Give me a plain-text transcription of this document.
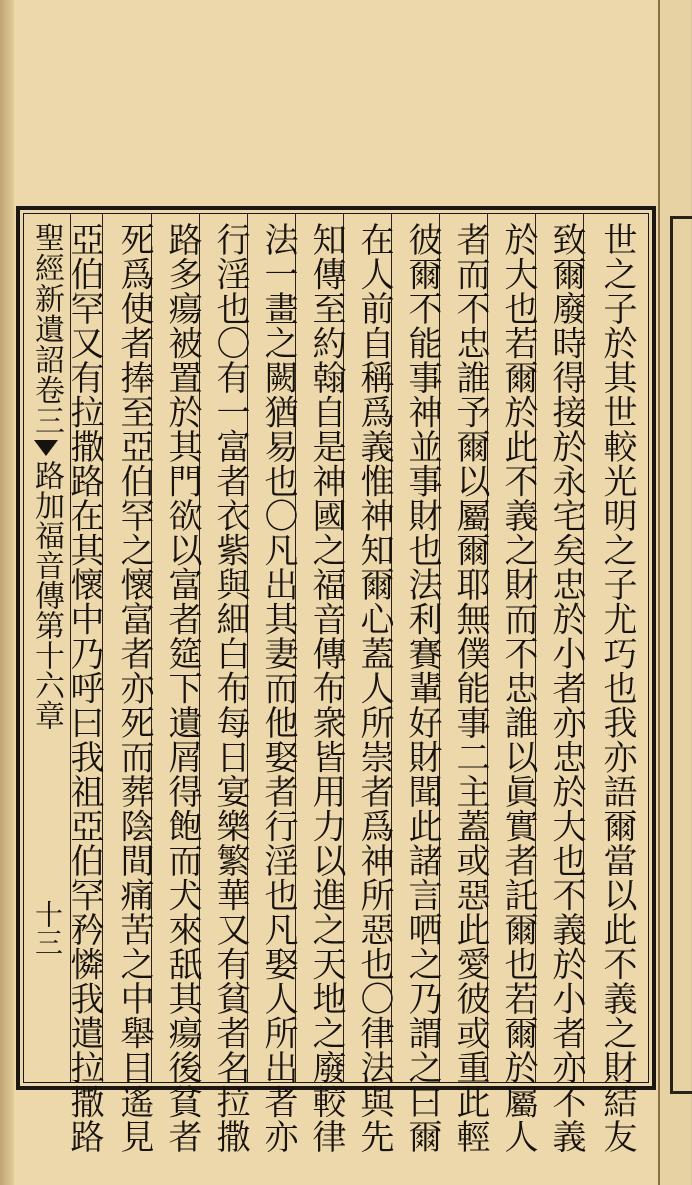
聖經新遺詔卷三
路加福音傳第十六章
十三	世之子於其世較光明之子尤巧也我亦語爾當以此不義之財結友
致爾廢時得接於永宅矣忠於小者亦忠於大也不義於小者亦不義
於大也若爾於此不義之財而不忠誰以眞實者託爾也若爾於屬人
者而不忠誰予爾以屬爾耶無僕能事二主蓋或惡此愛彼或重此輕
彼爾不能事神並事財也法利賽輩好財聞此諸言哂之乃謂之曰爾
在人前自稱爲義惟神知爾心蓋人所崇者爲神所惡也〇律法與先
知傳至約翰自是神國之福音傳布衆皆用力以進之天地之廢較律
法一畫之闕猶易也〇凡出其妻而他娶者行淫也凡娶人所出者亦
行淫也〇有一富者衣紫與細白布每日宴樂繁華又有貧者名拉撒
路多瘍被置於其門欲以富者筵下遺屑得飽而犬來舐其瘍後貧者
死爲使者捧至亞伯罕之懷富者亦死而葬陰間痛苦之中舉目遙見
亞伯罕又有拉撒路在其懷中乃呼曰我祖亞伯罕矜憐我遣拉撒路
